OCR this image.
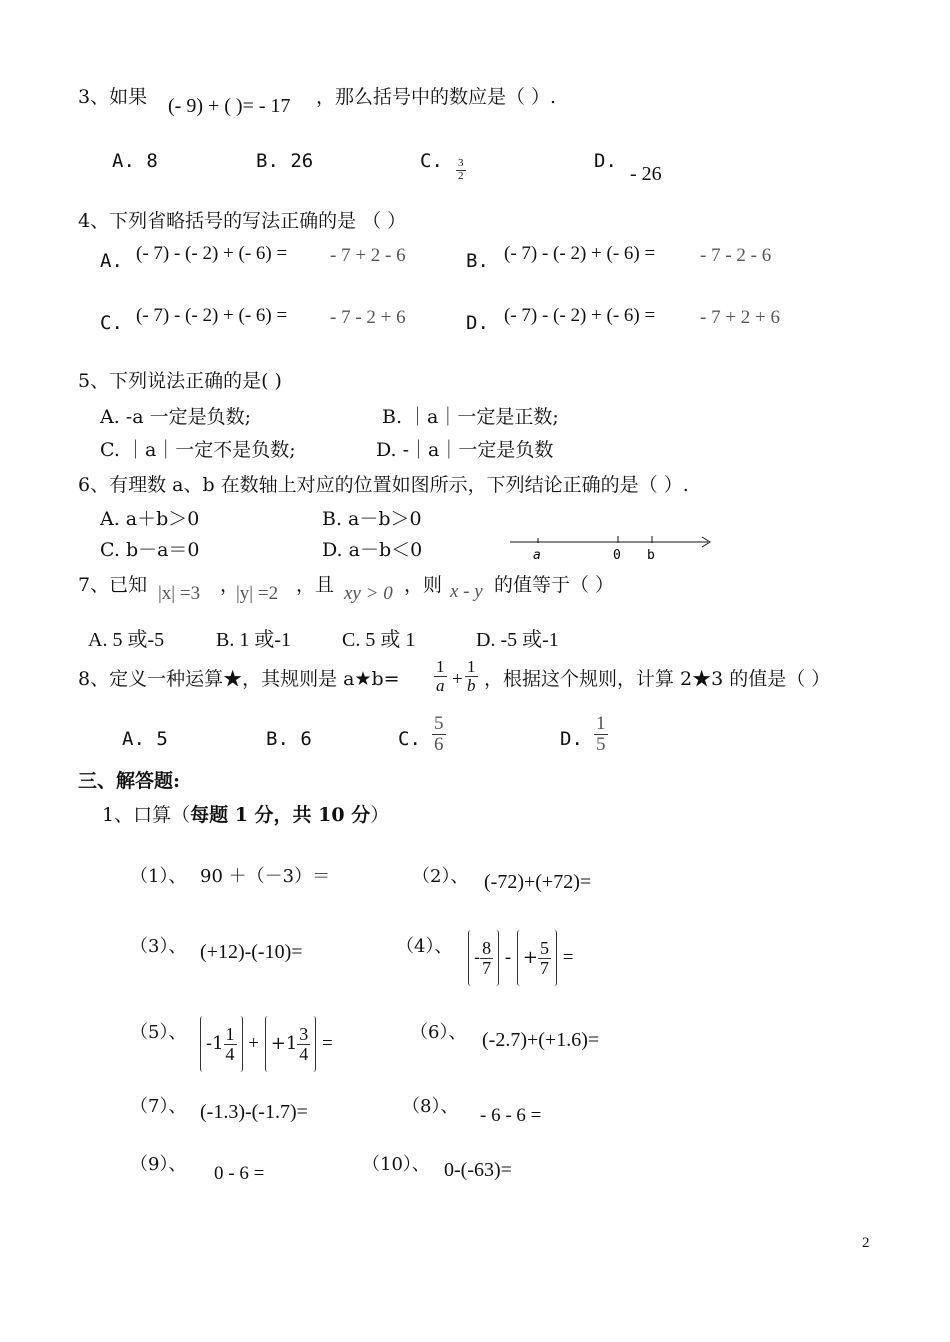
3、如果 (- 9) + ( )= - 17 ，那么括号中的数应是（ ）.
A. 8	B. 26	C. $\frac{3}{2}$	D.
- 26
4、下列省略括号的写法正确的是 （ ）
A. (- 7) - (- 2) + (- 6) = - 7 + 2 - 6	B. (- 7) - (- 2) + (- 6) = - 7 - 2 - 6
C. (- 7) - (- 2) + (- 6) = - 7 - 2 + 6	D. (- 7) - (- 2) + (- 6) = - 7 + 2 + 6
5、下列说法正确的是( )
A. -a 一定是负数;	B. ｜a｜一定是正数;
C. ｜a｜一定不是负数;	D. -｜a｜一定是负数
6、有理数 a、b 在数轴上对应的位置如图所示，下列结论正确的是（ ）.
A. a＋b＞0	B. a－b＞0
C. b－a＝0	D. a－b＜0	a	0 b
7、已知 |x| =3 ，
|y| =2 ，且 xy > 0 ，则 x - y 的值等于（ ）
A. 5 或-5	B. 1 或-1	C. 5 或 1	D. -5 或-1
8、定义一种运算★，其规则是 a★b= $\frac{1}{a} + \frac{1}{b}$ ，根据这个规则，计算 2★3 的值是（ ）
A. 5	B. 6	C. $\frac{5}{6}$	D. $\frac{1}{5}$
三、解答题:
1、口算（每题 1 分，共 10 分）
（1）、 90 ＋（－3）＝	（2）、 (-72)+(+72)=
（3）、 (+12)-(-10)=	（4）、
- $\frac{8}{7}$ - + $\frac{5}{7}$ =
（5）、
$-1 \frac{1}{4} + +1 \frac{3}{4}$ =
（6）、 (-2.7)+(+1.6)=
（7）、 (-1.3)-(-1.7)=	（8）、 - 6 - 6 =
（9）、 0 - 6 =	（10）、 0-(-63)=
2
